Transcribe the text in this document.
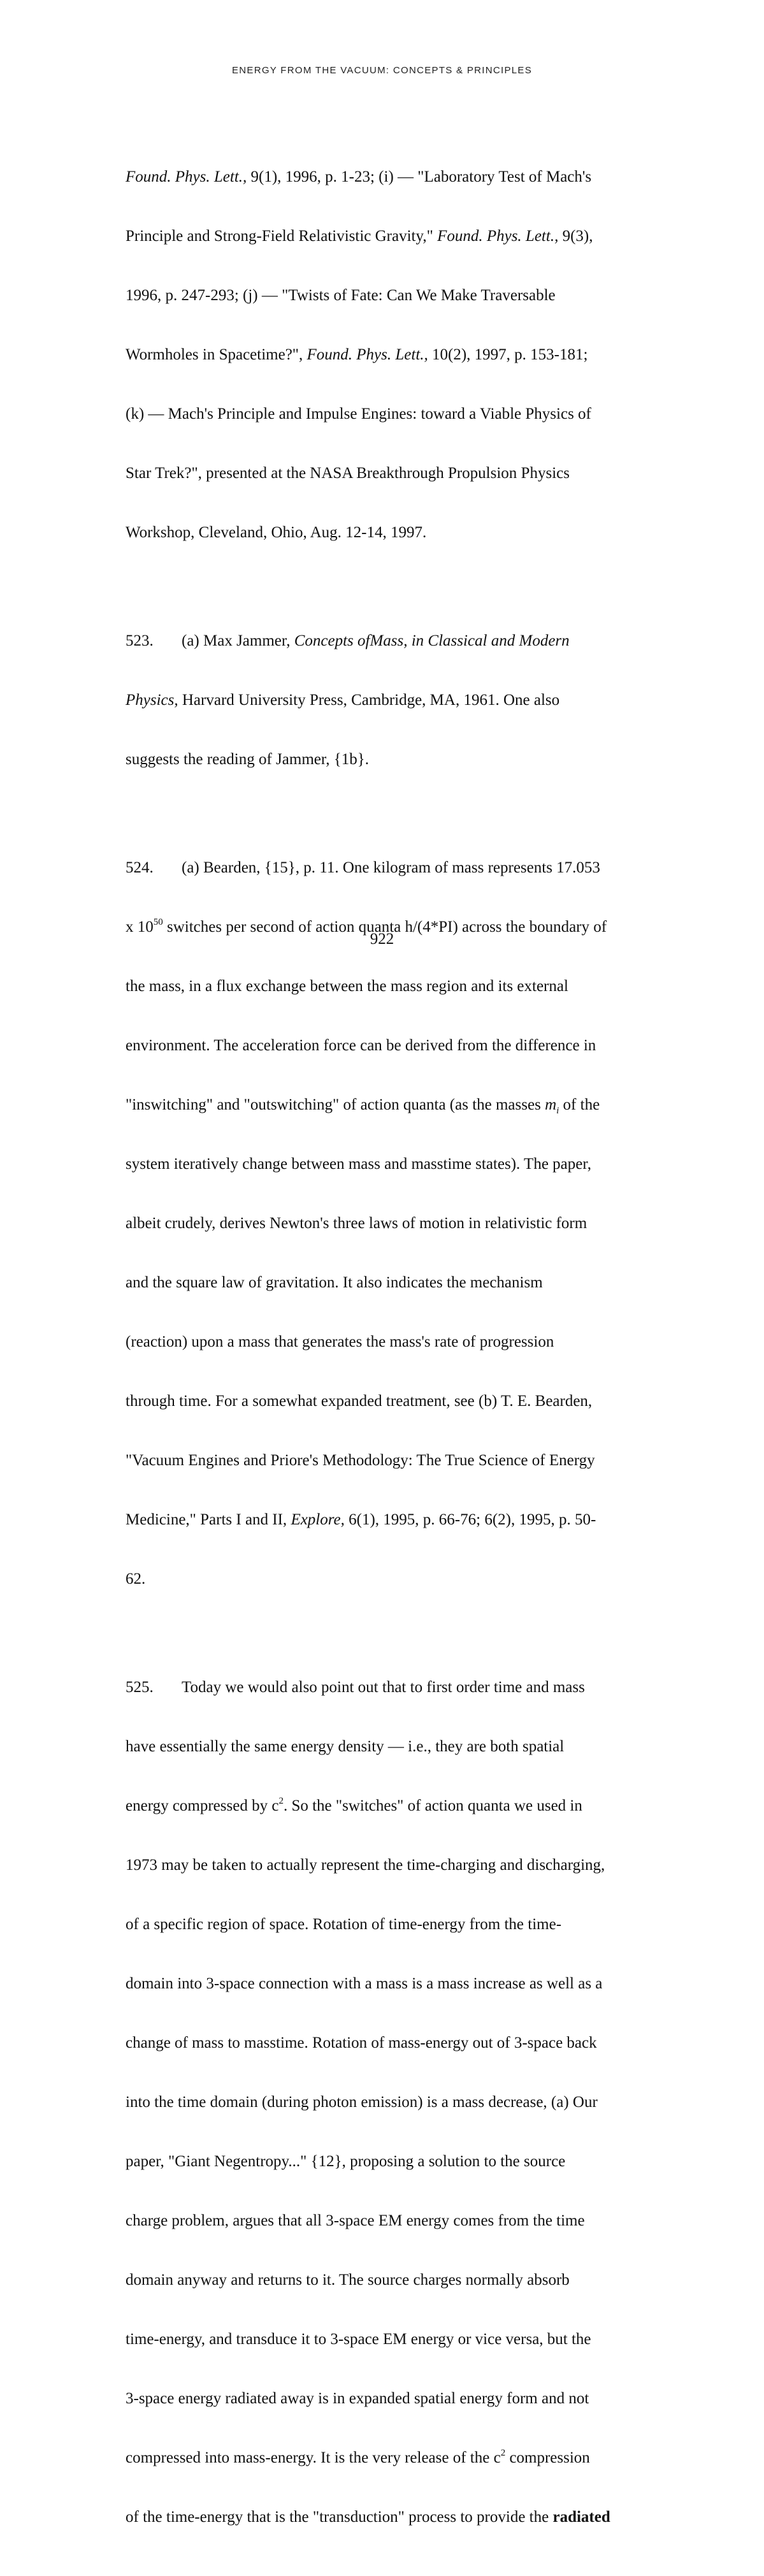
ENERGY FROM THE VACUUM: CONCEPTS & PRINCIPLES

Found. Phys. Lett., 9(1), 1996, p. 1-23; (i) — "Laboratory Test of Mach's

Principle and Strong-Field Relativistic Gravity," Found. Phys. Lett., 9(3),

1996, p. 247-293; (j) — "Twists of Fate: Can We Make Traversable

Wormholes in Spacetime?", Found. Phys. Lett., 10(2), 1997, p. 153-181;

(k) — Mach's Principle and Impulse Engines: toward a Viable Physics of

Star Trek?", presented at the NASA Breakthrough Propulsion Physics

Workshop, Cleveland, Ohio, Aug. 12-14, 1997.

523. (a) Max Jammer, Concepts ofMass, in Classical and Modern

Physics, Harvard University Press, Cambridge, MA, 1961. One also

suggests the reading of Jammer, {1b}.

524. (a) Bearden, {15}, p. 11. One kilogram of mass represents 17.053

x $10^{50}$ switches per second of action quanta h/(4*PI) across the boundary of

the mass, in a flux exchange between the mass region and its external

environment. The acceleration force can be derived from the difference in

"inswitching" and "outswitching" of action quanta (as the masses $m_i$ of the

system iteratively change between mass and masstime states). The paper,

albeit crudely, derives Newton's three laws of motion in relativistic form

and the square law of gravitation. It also indicates the mechanism

(reaction) upon a mass that generates the mass's rate of progression

through time. For a somewhat expanded treatment, see (b) T. E. Bearden,

"Vacuum Engines and Priore's Methodology: The True Science of Energy

Medicine," Parts I and II, Explore, 6(1), 1995, p. 66-76; 6(2), 1995, p. 50-

62.

525. Today we would also point out that to first order time and mass

have essentially the same energy density — i.e., they are both spatial

energy compressed by $c^2$. So the "switches" of action quanta we used in

1973 may be taken to actually represent the time-charging and discharging,

of a specific region of space. Rotation of time-energy from the time-

domain into 3-space connection with a mass is a mass increase as well as a

change of mass to masstime. Rotation of mass-energy out of 3-space back

into the time domain (during photon emission) is a mass decrease, (a) Our

paper, "Giant Negentropy..." {12}, proposing a solution to the source

charge problem, argues that all 3-space EM energy comes from the time

domain anyway and returns to it. The source charges normally absorb

time-energy, and transduce it to 3-space EM energy or vice versa, but the

3-space energy radiated away is in expanded spatial energy form and not

compressed into mass-energy. It is the very release of the $c^2$ compression

of the time-energy that is the "transduction" process to provide the radiated

922
